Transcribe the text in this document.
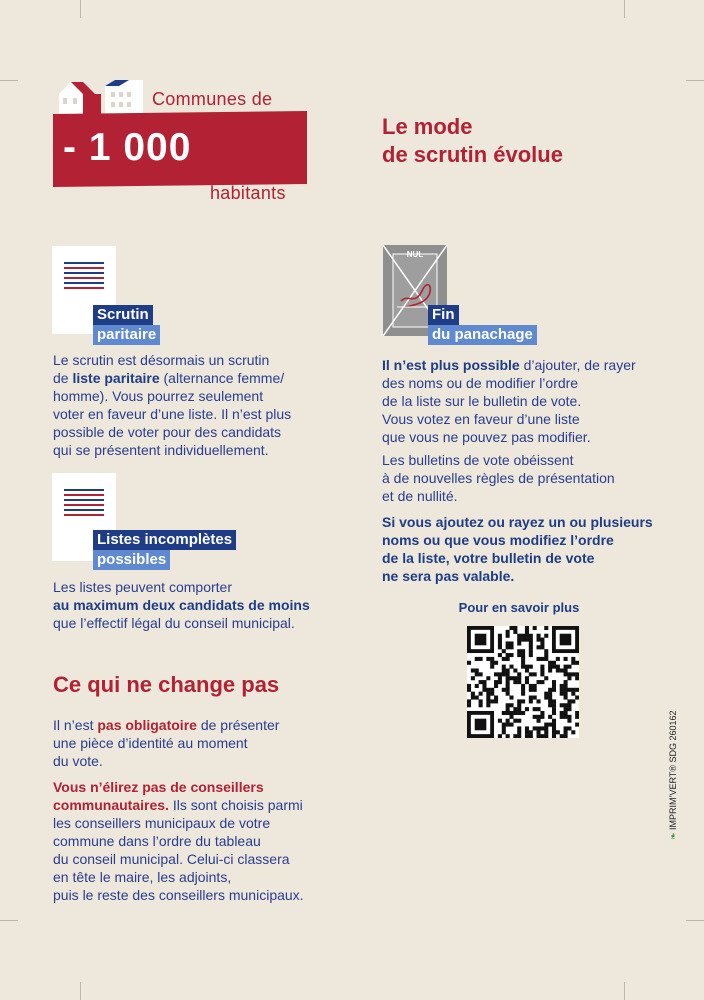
Communes de
- 1 000
habitants
Le mode
de scrutin évolue
Scrutin
paritaire
Le scrutin est désormais un scrutin
de liste paritaire (alternance femme/
homme). Vous pourrez seulement
voter en faveur d’une liste. Il n’est plus
possible de voter pour des candidats
qui se présentent individuellement.
Listes incomplètes
possibles
Les listes peuvent comporter
au maximum deux candidats de moins
que l’effectif légal du conseil municipal.
Ce qui ne change pas
Il n’est pas obligatoire de présenter
une pièce d’identité au moment
du vote.
Vous n’élirez pas de conseillers
communautaires. Ils sont choisis parmi
les conseillers municipaux de votre
commune dans l’ordre du tableau
du conseil municipal. Celui-ci classera
en tête le maire, les adjoints,
puis le reste des conseillers municipaux.
NUL
Fin
du panachage
Il n’est plus possible d’ajouter, de rayer
des noms ou de modifier l’ordre
de la liste sur le bulletin de vote.
Vous votez en faveur d’une liste
que vous ne pouvez pas modifier.
Les bulletins de vote obéissent
à de nouvelles règles de présentation
et de nullité.
Si vous ajoutez ou rayez un ou plusieurs
noms ou que vous modifiez l’ordre
de la liste, votre bulletin de vote
ne sera pas valable.
Pour en savoir plus
❧ IMPRIM’VERT® SDG 260162
